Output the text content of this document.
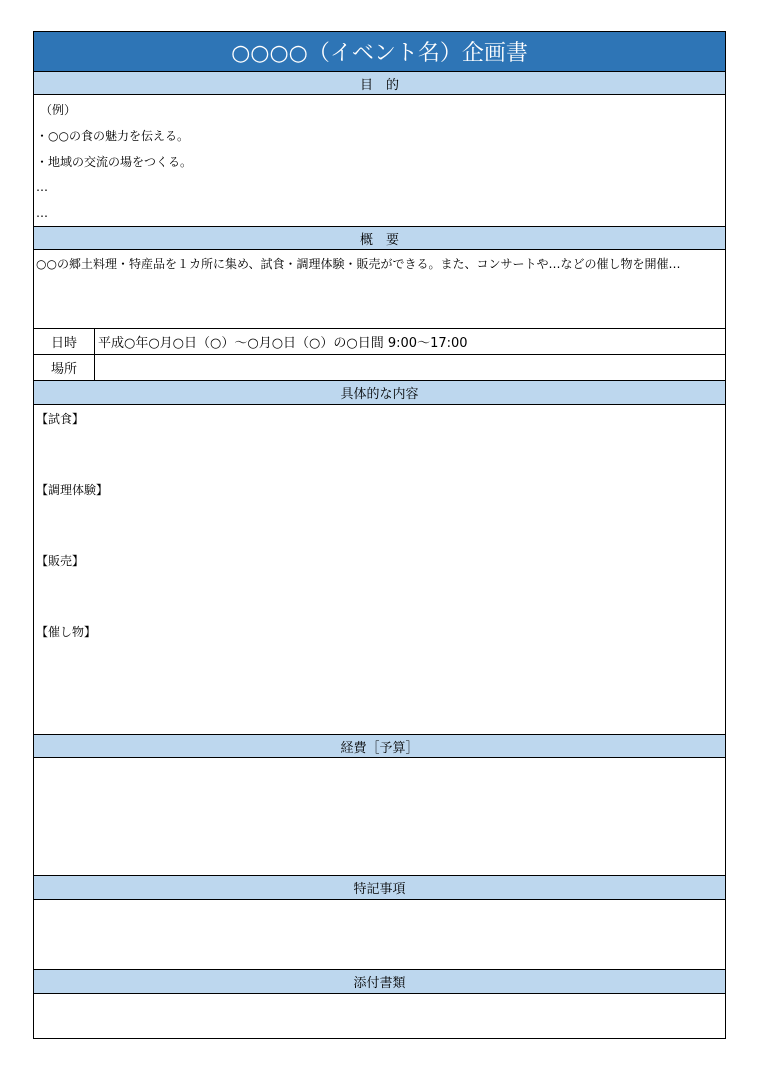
○○○○（イベント名）企画書
目　的
（例）
・○○の食の魅力を伝える。
・地域の交流の場をつくる。
…
…
概　要
○○の郷土料理・特産品を１カ所に集め、試食・調理体験・販売ができる。また、コンサートや…などの催し物を開催…
日時	平成○年○月○日（○）～○月○日（○）の○日間 9:00～17:00
場所
具体的な内容
【試食】
【調理体験】
【販売】
【催し物】
経費［予算］
特記事項
添付書類
